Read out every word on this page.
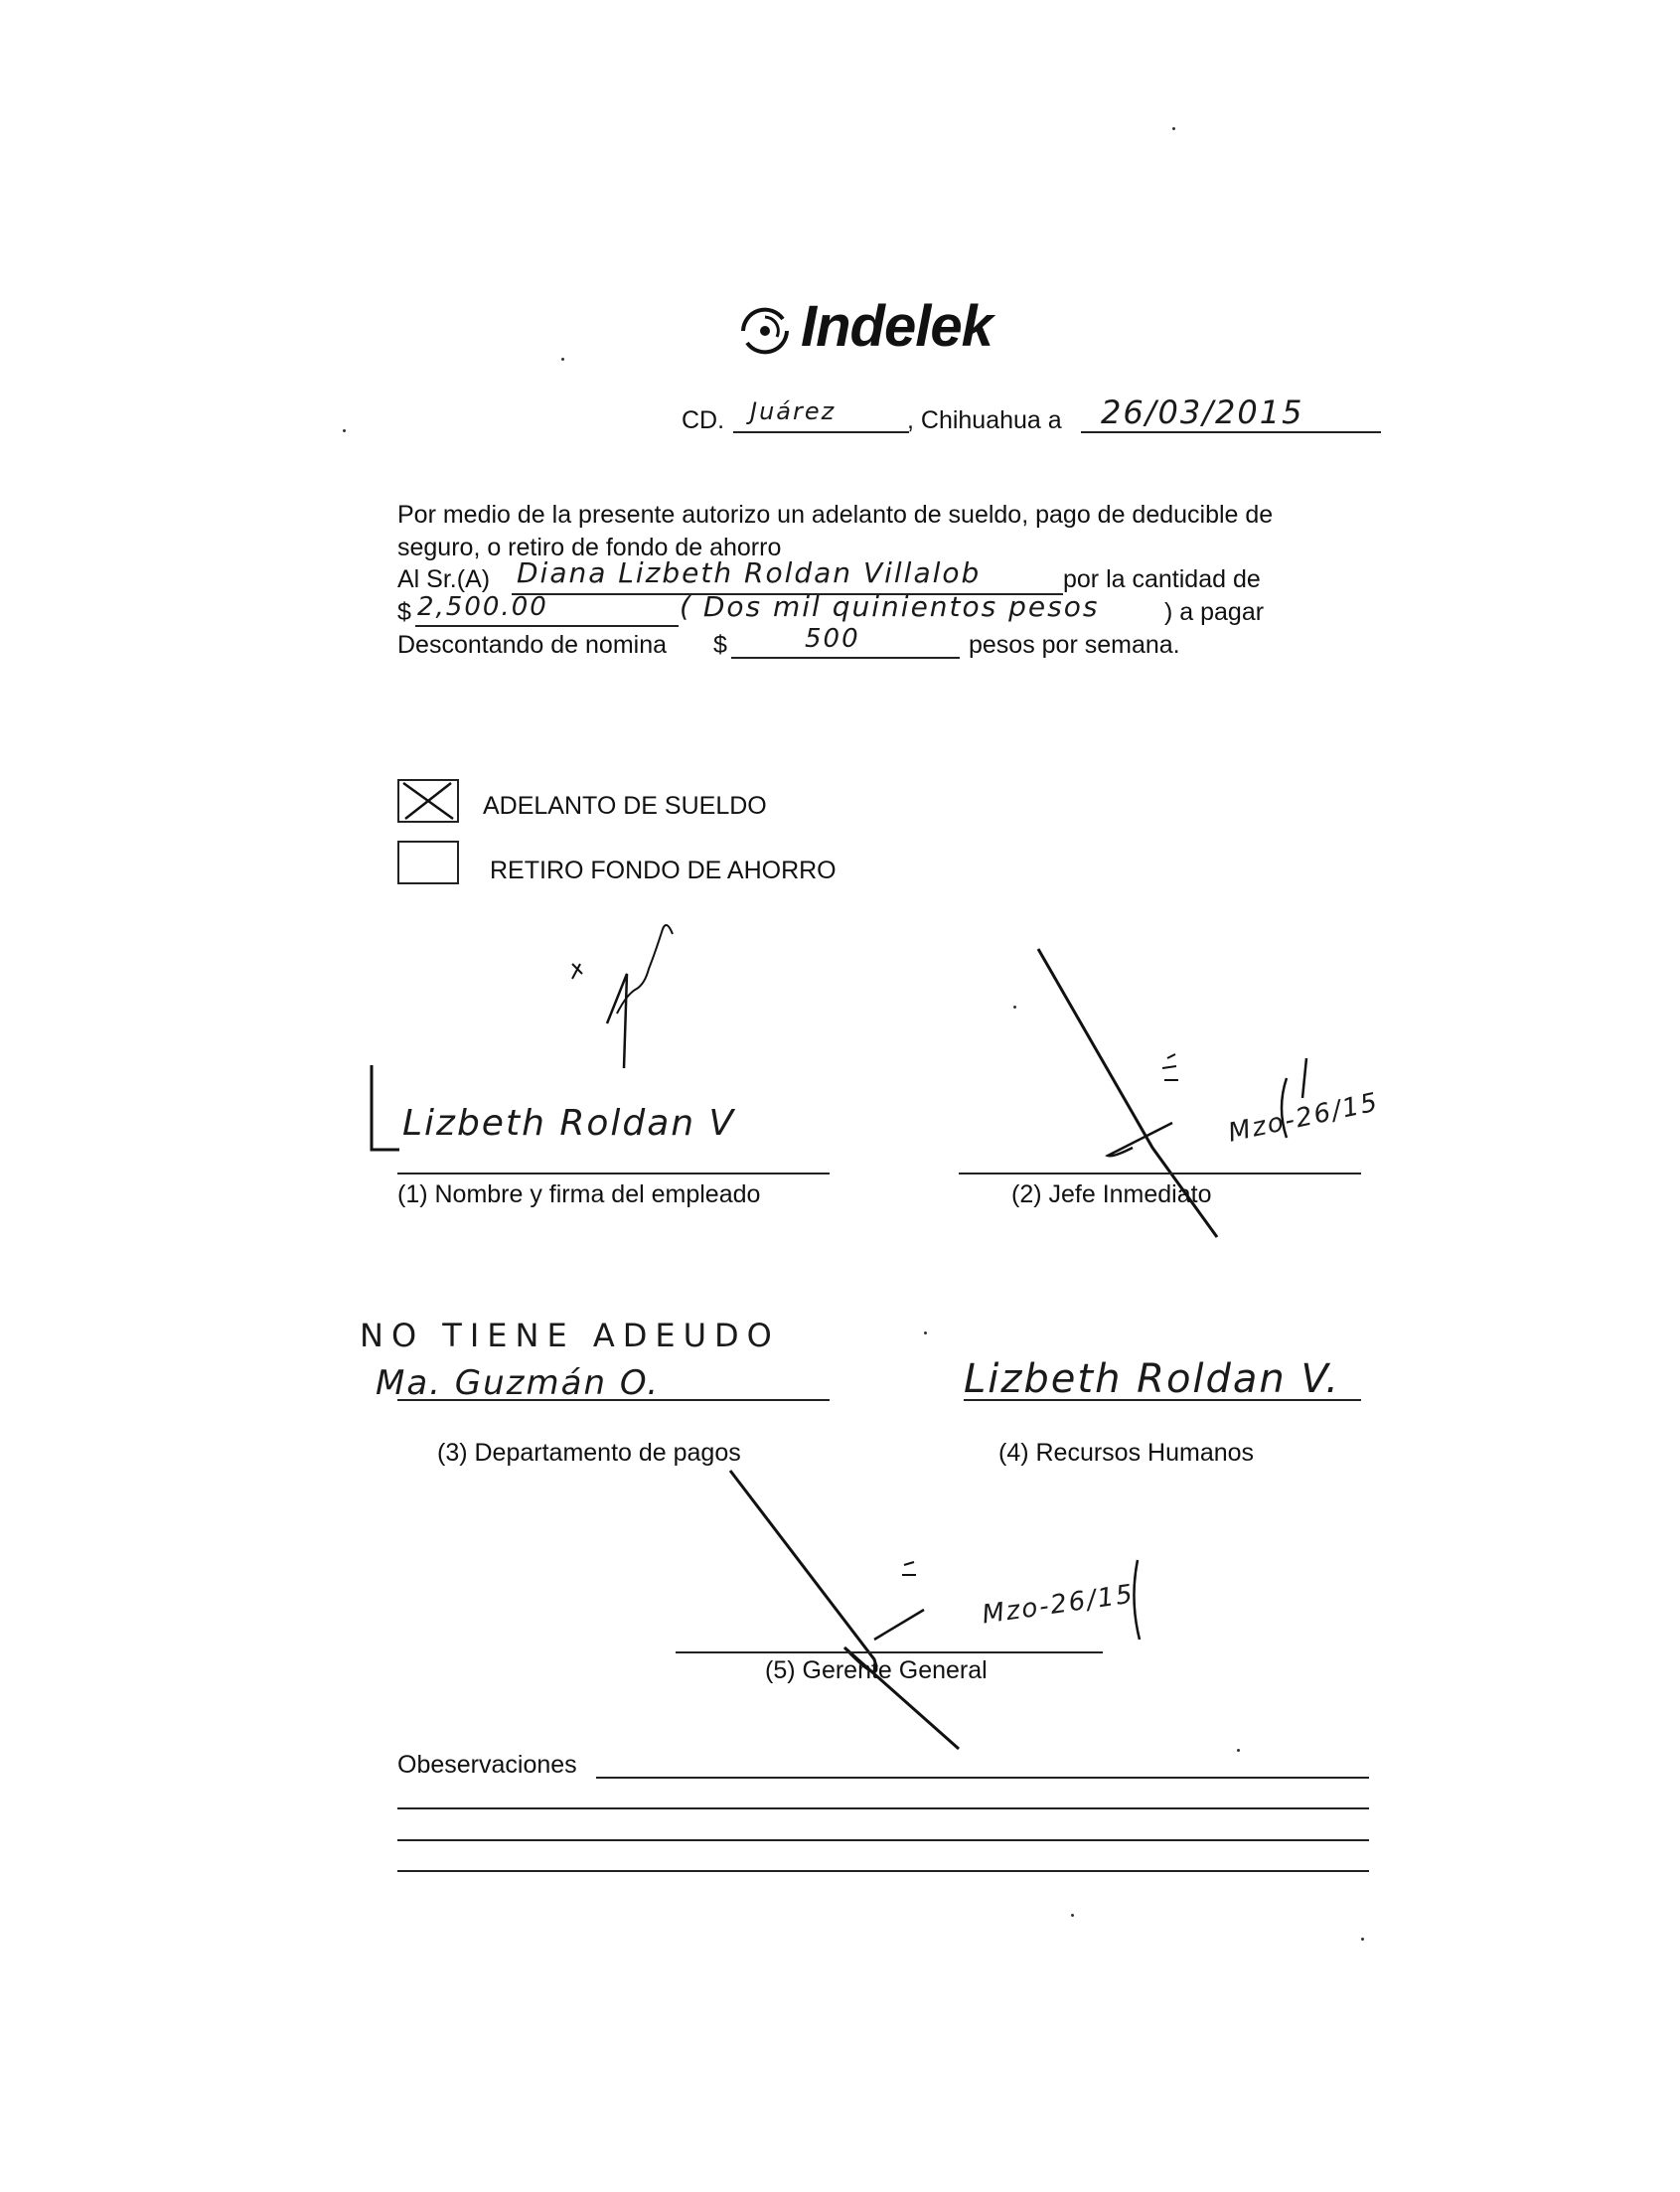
Indelek
CD. Juárez	, Chihuahua a 26/03/2015
Por medio de la presente autorizo un adelanto de sueldo, pago de deducible de
seguro, o retiro de fondo de ahorro
Al Sr.(A) Diana Lizbeth Roldan Villalob	por la cantidad de
$ 2,500.00	( Dos mil quinientos pesos	) a pagar
Descontando de nomina $	500	pesos por semana.
ADELANTO DE SUELDO
RETIRO FONDO DE AHORRO
Lizbeth Roldan V
(1) Nombre y firma del empleado
Mzo-26/15
(2) Jefe Inmediato
NO TIENE ADEUDO
Ma. Guzmán O.
(3) Departamento de pagos
Lizbeth Roldan V.
(4) Recursos Humanos
Mzo-26/15
(5) Gerente General
Obeservaciones
